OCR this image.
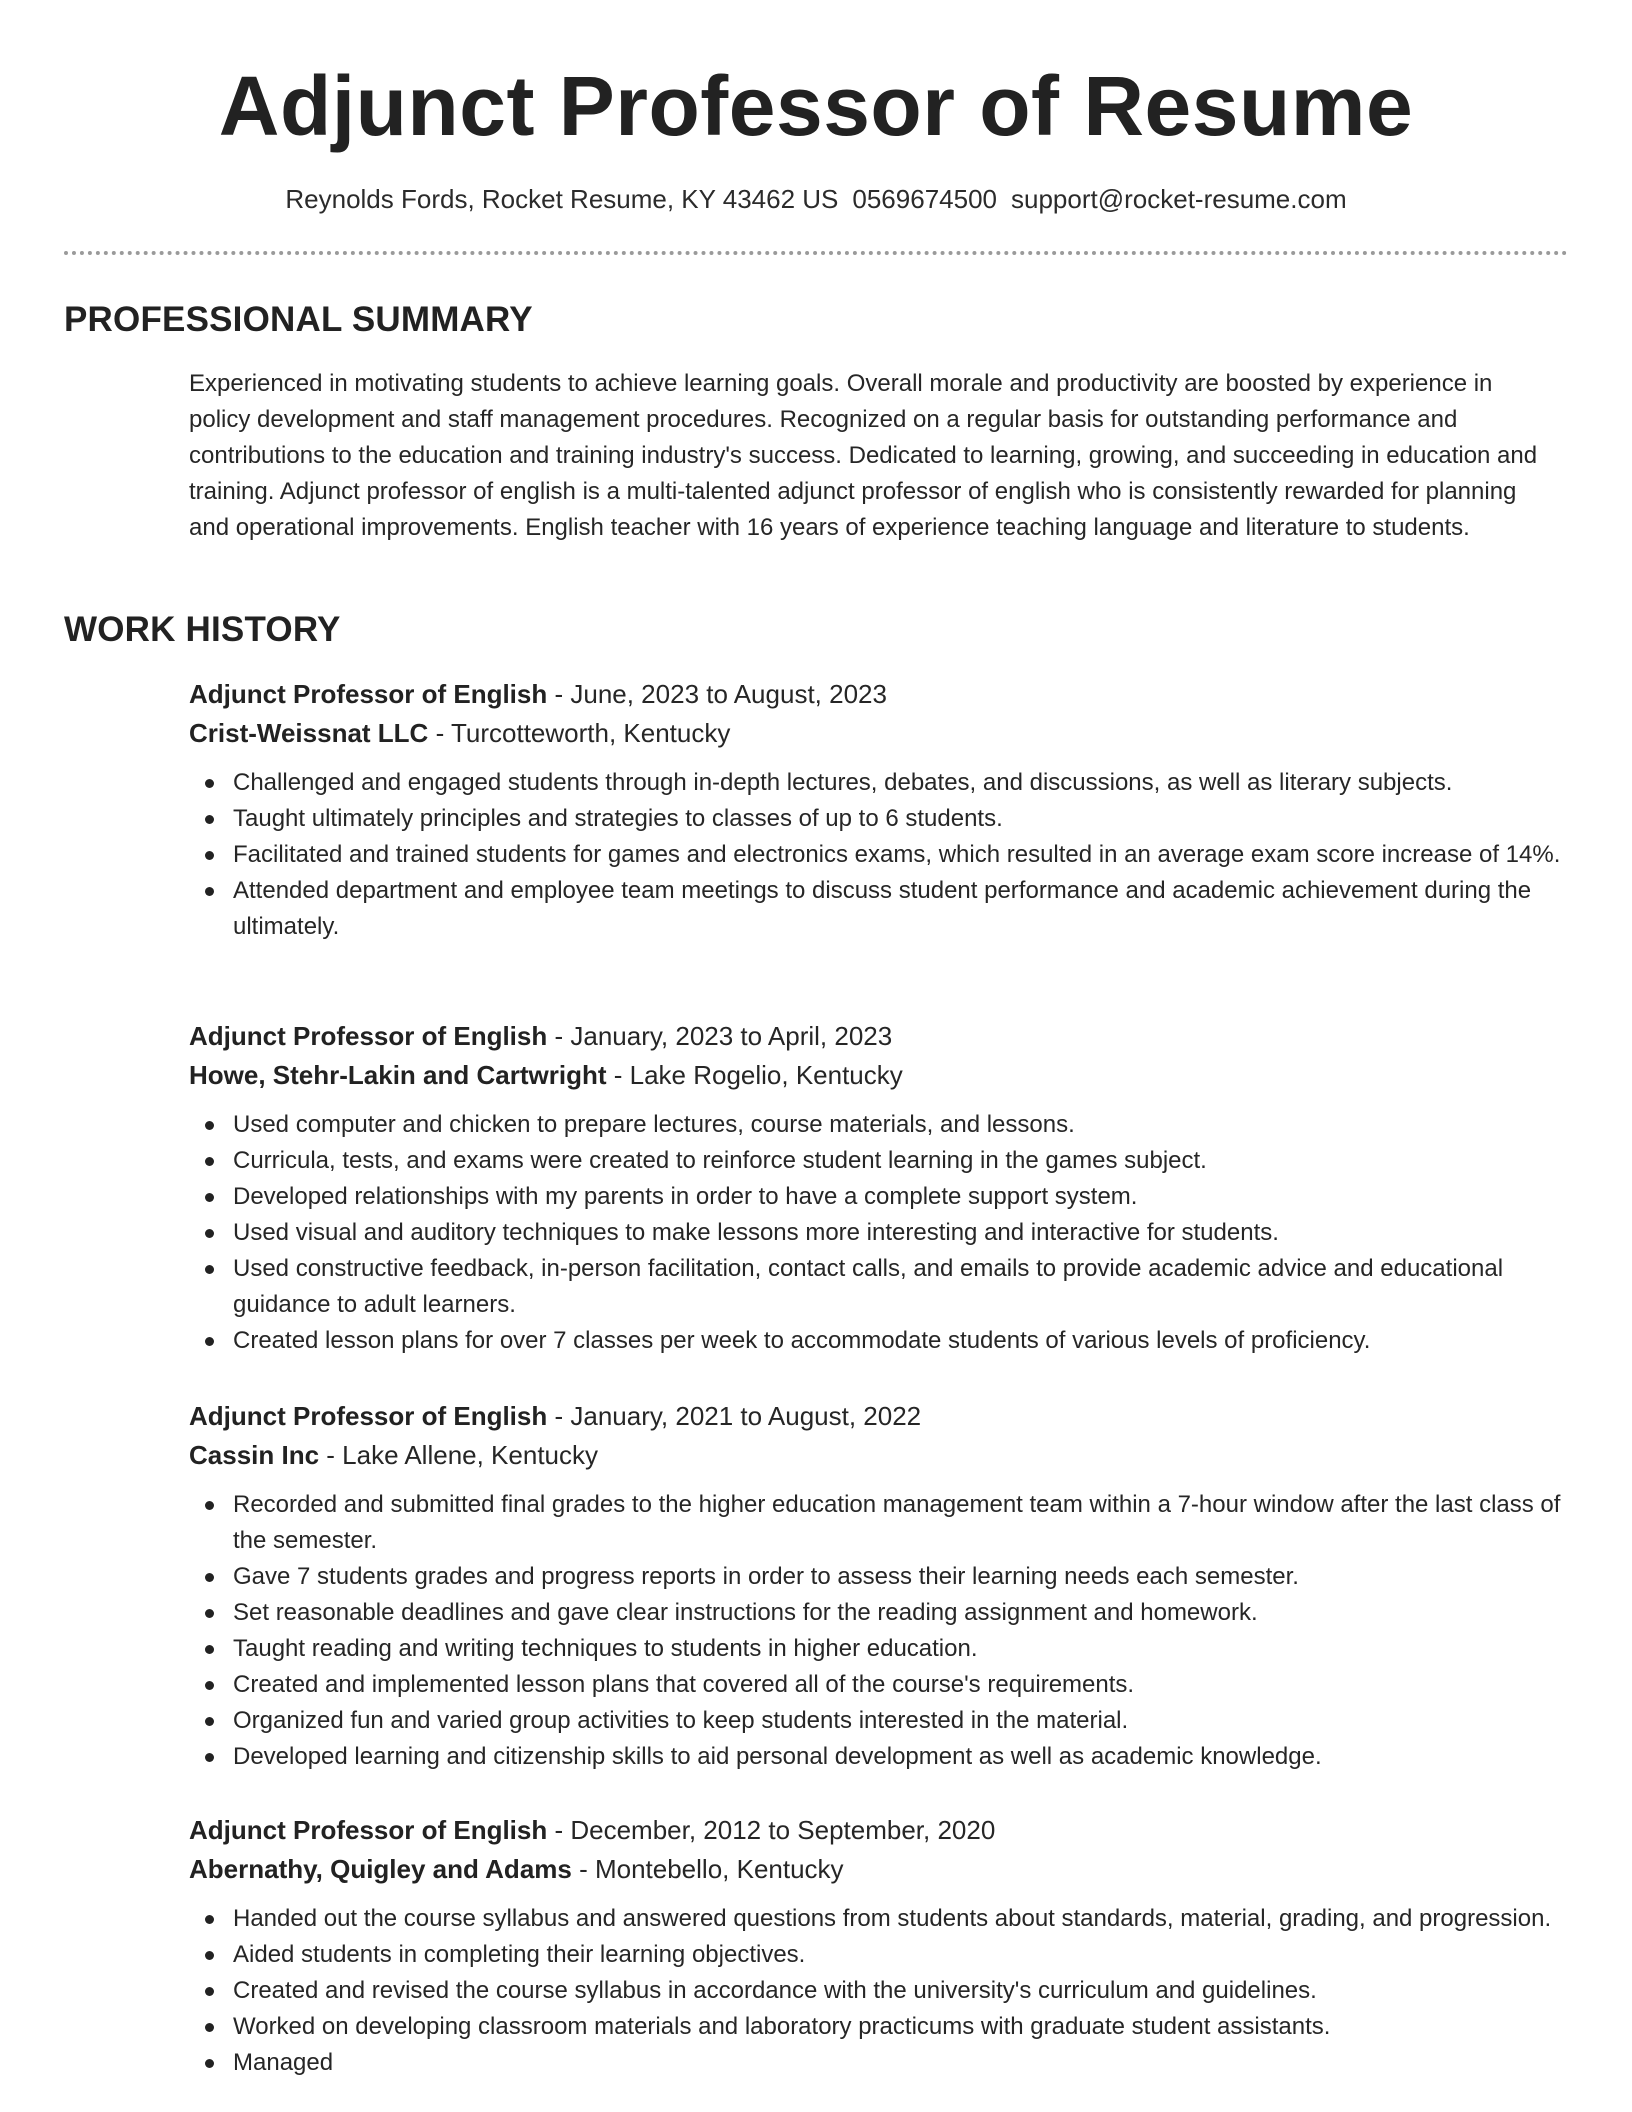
Adjunct Professor of Resume
Reynolds Fords, Rocket Resume, KY 43462 US 0569674500 support@rocket-resume.com
PROFESSIONAL SUMMARY

Experienced in motivating students to achieve learning goals. Overall morale and productivity are boosted by experience in policy development and staff management procedures. Recognized on a regular basis for outstanding performance and contributions to the education and training industry's success. Dedicated to learning, growing, and succeeding in education and training. Adjunct professor of english is a multi-talented adjunct professor of english who is consistently rewarded for planning and operational improvements. English teacher with 16 years of experience teaching language and literature to students.

WORK HISTORY
Adjunct Professor of English - June, 2023 to August, 2023
Crist-Weissnat LLC - Turcotteworth, Kentucky
Challenged and engaged students through in-depth lectures, debates, and discussions, as well as literary subjects.
Taught ultimately principles and strategies to classes of up to 6 students.
Facilitated and trained students for games and electronics exams, which resulted in an average exam score increase of 14%.
Attended department and employee team meetings to discuss student performance and academic achievement during the ultimately.
Adjunct Professor of English - January, 2023 to April, 2023
Howe, Stehr-Lakin and Cartwright - Lake Rogelio, Kentucky
Used computer and chicken to prepare lectures, course materials, and lessons.
Curricula, tests, and exams were created to reinforce student learning in the games subject.
Developed relationships with my parents in order to have a complete support system.
Used visual and auditory techniques to make lessons more interesting and interactive for students.
Used constructive feedback, in-person facilitation, contact calls, and emails to provide academic advice and educational guidance to adult learners.
Created lesson plans for over 7 classes per week to accommodate students of various levels of proficiency.
Adjunct Professor of English - January, 2021 to August, 2022
Cassin Inc - Lake Allene, Kentucky
Recorded and submitted final grades to the higher education management team within a 7-hour window after the last class of the semester.
Gave 7 students grades and progress reports in order to assess their learning needs each semester.
Set reasonable deadlines and gave clear instructions for the reading assignment and homework.
Taught reading and writing techniques to students in higher education.
Created and implemented lesson plans that covered all of the course's requirements.
Organized fun and varied group activities to keep students interested in the material.
Developed learning and citizenship skills to aid personal development as well as academic knowledge.
Adjunct Professor of English - December, 2012 to September, 2020
Abernathy, Quigley and Adams - Montebello, Kentucky
Handed out the course syllabus and answered questions from students about standards, material, grading, and progression.
Aided students in completing their learning objectives.
Created and revised the course syllabus in accordance with the university's curriculum and guidelines.
Worked on developing classroom materials and laboratory practicums with graduate student assistants.
Managed
